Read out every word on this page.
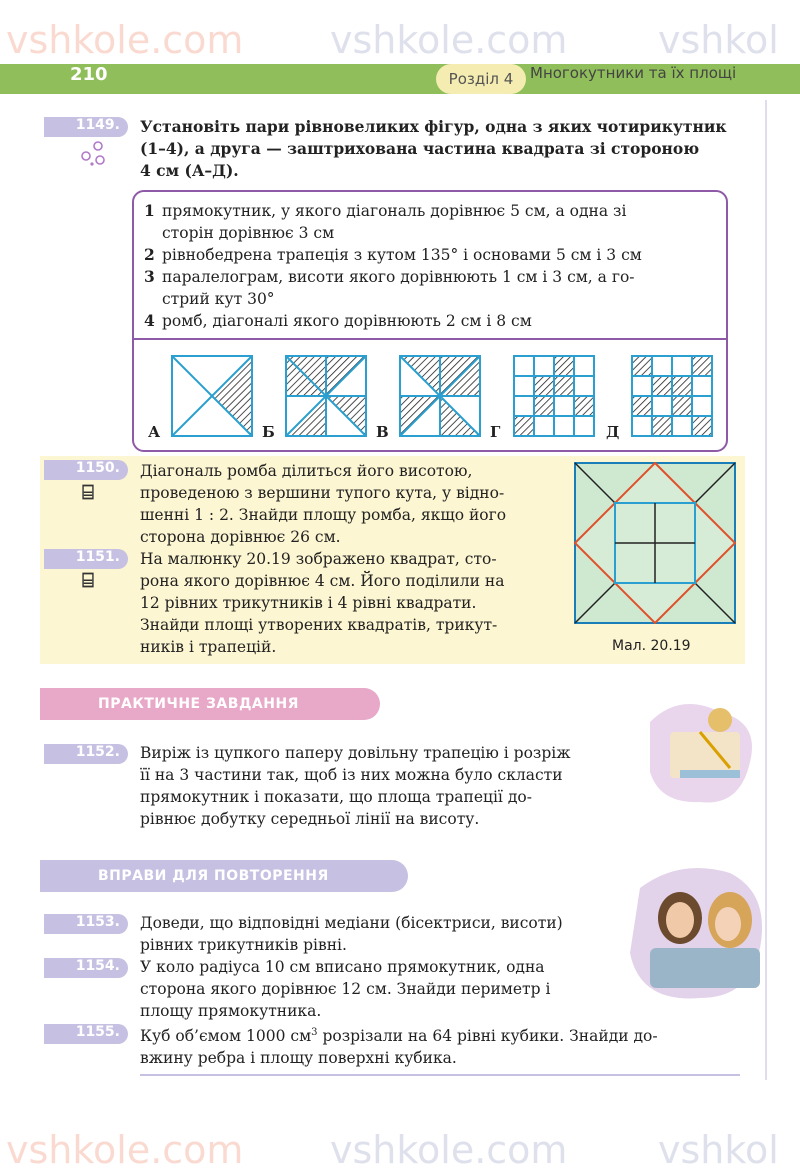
210	Розділ 4	Многокутники та їх площі
1149.	Установіть пари рівновеликих фігур, одна з яких чотирикутник
(1–4), а друга — заштрихована частина квадрата зі стороною
4 см (А–Д).
1 прямокутник, у якого діагональ дорівнює 5 см, а одна зі
сторін дорівнює 3 см
2 рівнобедрена трапеція з кутом 135° і основами 5 см і 3 см
3 паралелограм, висоти якого дорівнюють 1 см і 3 см, а го-
стрий кут 30°
4 ромб, діагоналі якого дорівнюють 2 см і 8 см
А	Б	В	Г	Д
1150.
⌸
Діагональ ромба ділиться його висотою,
проведеною з вершини тупого кута, у відно-
шенні 1 : 2. Знайди площу ромба, якщо його
сторона дорівнює 26 см.
1151.
⌸
На малюнку 20.19 зображено квадрат, сто-
рона якого дорівнює 4 см. Його поділили на
12 рівних трикутників і 4 рівні квадрати.
Знайди площі утворених квадратів, трикут-
ників і трапецій.	Мал. 20.19
ПРАКТИЧНЕ ЗАВДАННЯ
1152.	Виріж із цупкого паперу довільну трапецію і розріж
її на 3 частини так, щоб із них можна було скласти
прямокутник і показати, що площа трапеції до-
рівнює добутку середньої лінії на висоту.
ВПРАВИ ДЛЯ ПОВТОРЕННЯ
1153.	Доведи, що відповідні медіани (бісектриси, висоти)
рівних трикутників рівні.
1154.	У коло радіуса 10 см вписано прямокутник, одна
сторона якого дорівнює 12 см. Знайди периметр і
площу прямокутника.
1155.	Куб об’ємом 1000 $см^3$ розрізали на 64 рівні кубики. Знайди до-
вжину ребра і площу поверхні кубика.
vshkole.com vshkole.com vshkol
vshkole.com
vshkole.com	vshkol
